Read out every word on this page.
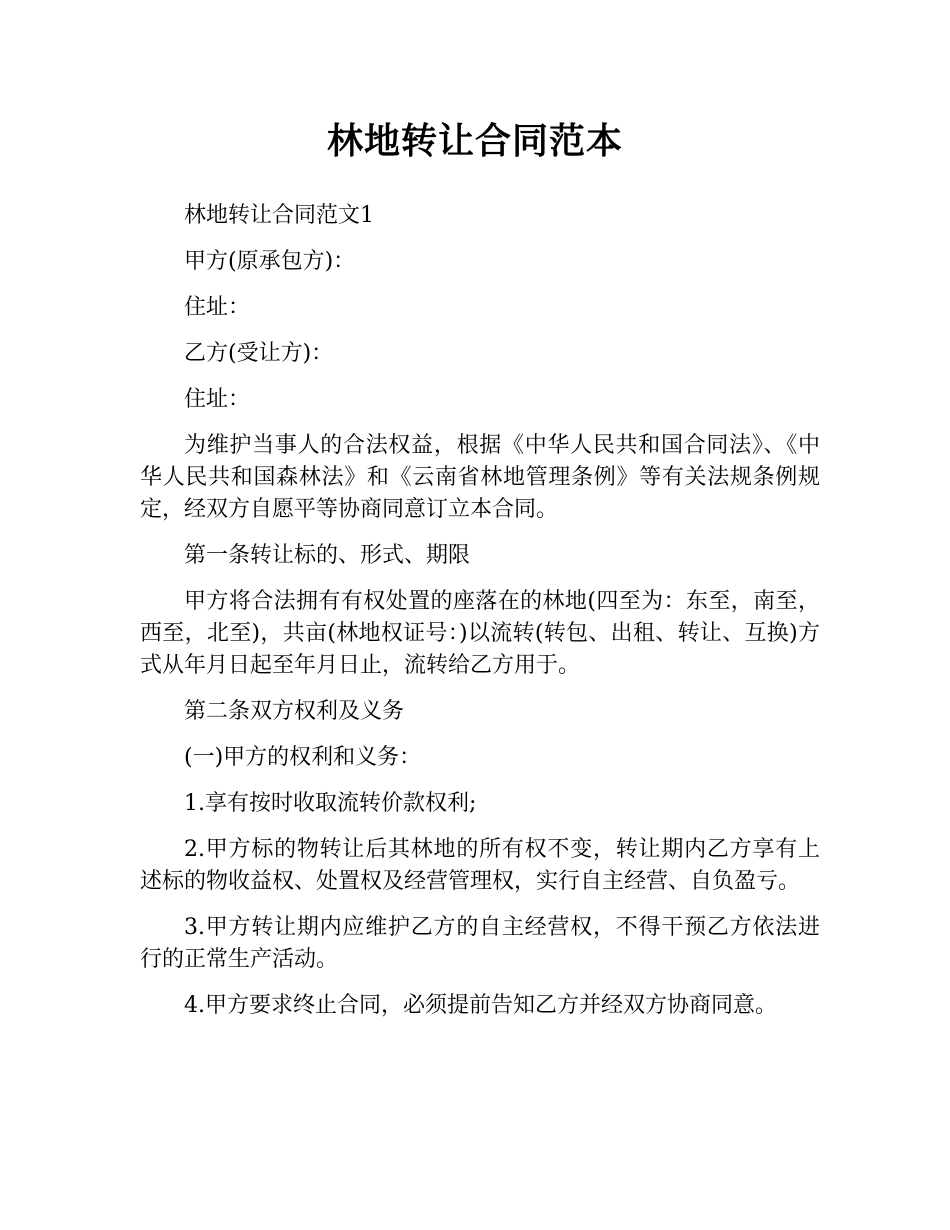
林地转让合同范本

林地转让合同范文1

甲方(原承包方)：

住址：

乙方(受让方)：

住址：

为维护当事人的合法权益，根据《中华人民共和国合同法》、《中华人民共和国森林法》和《云南省林地管理条例》等有关法规条例规定，经双方自愿平等协商同意订立本合同。

第一条转让标的、形式、期限

甲方将合法拥有有权处置的座落在的林地(四至为：东至，南至，西至，北至)，共亩(林地权证号：)以流转(转包、出租、转让、互换)方式从年月日起至年月日止，流转给乙方用于。

第二条双方权利及义务

(一)甲方的权利和义务：

1.享有按时收取流转价款权利;

2.甲方标的物转让后其林地的所有权不变，转让期内乙方享有上述标的物收益权、处置权及经营管理权，实行自主经营、自负盈亏。

3.甲方转让期内应维护乙方的自主经营权，不得干预乙方依法进行的正常生产活动。

4.甲方要求终止合同，必须提前告知乙方并经双方协商同意。
